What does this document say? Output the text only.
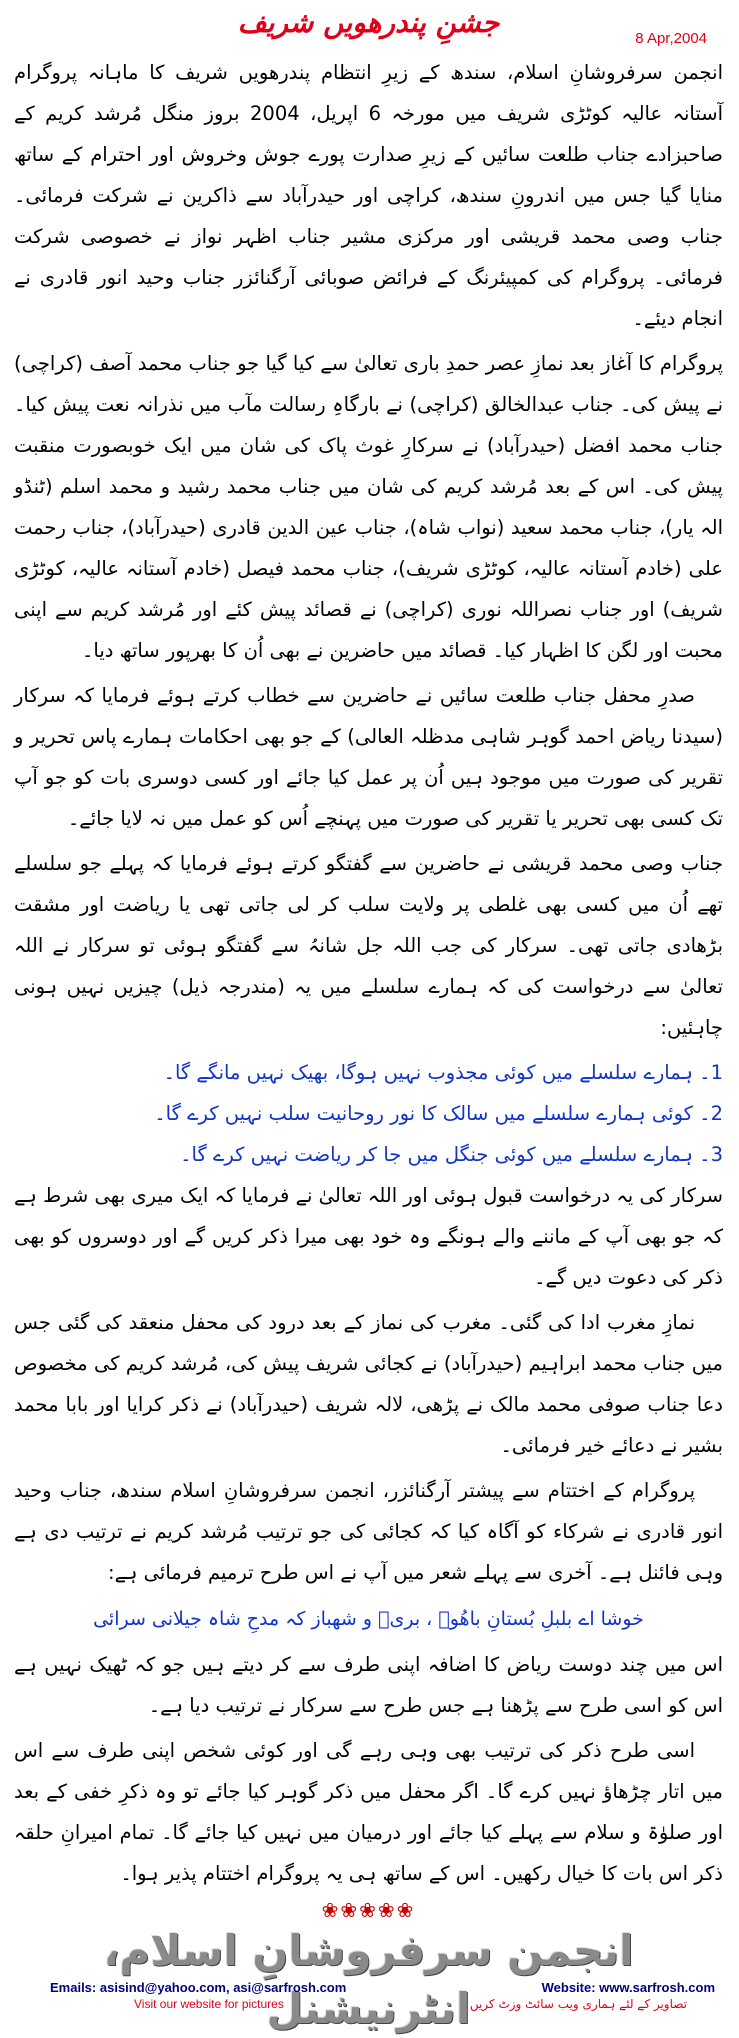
جشنِ پندرھویں شریف	8 Apr,2004

انجمن سرفروشانِ اسلام، سندھ کے زیرِ انتظام پندرھویں شریف کا ماہانہ پروگرام آستانہ عالیہ کوٹڑی شریف میں مورخہ 6 اپریل، 2004 بروز منگل مُرشد کریم کے صاحبزادے جناب طلعت سائیں کے زیرِ صدارت پورے جوش وخروش اور احترام کے ساتھ منایا گیا جس میں اندرونِ سندھ، کراچی اور حیدرآباد سے ذاکرین نے شرکت فرمائی۔ جناب وصی محمد قریشی اور مرکزی مشیر جناب اظہر نواز نے خصوصی شرکت فرمائی۔ پروگرام کی کمپیئرنگ کے فرائض صوبائی آرگنائزر جناب وحید انور قادری نے انجام دیئے۔

پروگرام کا آغاز بعد نمازِ عصر حمدِ باری تعالیٰ سے کیا گیا جو جناب محمد آصف (کراچی) نے پیش کی۔ جناب عبدالخالق (کراچی) نے بارگاہِ رسالت مآب میں نذرانہ نعت پیش کیا۔ جناب محمد افضل (حیدرآباد) نے سرکارِ غوث پاک کی شان میں ایک خوبصورت منقبت پیش کی۔ اس کے بعد مُرشد کریم کی شان میں جناب محمد رشید و محمد اسلم (ٹنڈو الہ یار)، جناب محمد سعید (نواب شاہ)، جناب عین الدین قادری (حیدرآباد)، جناب رحمت علی (خادم آستانہ عالیہ، کوٹڑی شریف)، جناب محمد فیصل (خادم آستانہ عالیہ، کوٹڑی شریف) اور جناب نصراللہ نوری (کراچی) نے قصائد پیش کئے اور مُرشد کریم سے اپنی محبت اور لگن کا اظہار کیا۔ قصائد میں حاضرین نے بھی اُن کا بھرپور ساتھ دیا۔

صدرِ محفل جناب طلعت سائیں نے حاضرین سے خطاب کرتے ہوئے فرمایا کہ سرکار (سیدنا ریاض احمد گوہر شاہی مدظلہ العالی) کے جو بھی احکامات ہمارے پاس تحریر و تقریر کی صورت میں موجود ہیں اُن پر عمل کیا جائے اور کسی دوسری بات کو جو آپ تک کسی بھی تحریر یا تقریر کی صورت میں پہنچے اُس کو عمل میں نہ لایا جائے۔

جناب وصی محمد قریشی نے حاضرین سے گفتگو کرتے ہوئے فرمایا کہ پہلے جو سلسلے تھے اُن میں کسی بھی غلطی پر ولایت سلب کر لی جاتی تھی یا ریاضت اور مشقت بڑھادی جاتی تھی۔ سرکار کی جب اللہ جل شانہُ سے گفتگو ہوئی تو سرکار نے اللہ تعالیٰ سے درخواست کی کہ ہمارے سلسلے میں یہ (مندرجہ ذیل) چیزیں نہیں ہونی چاہئیں:

1۔ ہمارے سلسلے میں کوئی مجذوب نہیں ہوگا، بھیک نہیں مانگے گا۔
2۔ کوئی ہمارے سلسلے میں سالک کا نور روحانیت سلب نہیں کرے گا۔
3۔ ہمارے سلسلے میں کوئی جنگل میں جا کر ریاضت نہیں کرے گا۔

سرکار کی یہ درخواست قبول ہوئی اور اللہ تعالیٰ نے فرمایا کہ ایک میری بھی شرط ہے کہ جو بھی آپ کے ماننے والے ہونگے وہ خود بھی میرا ذکر کریں گے اور دوسروں کو بھی ذکر کی دعوت دیں گے۔

نمازِ مغرب ادا کی گئی۔ مغرب کی نماز کے بعد درود کی محفل منعقد کی گئی جس میں جناب محمد ابراہیم (حیدرآباد) نے کجائی شریف پیش کی، مُرشد کریم کی مخصوص دعا جناب صوفی محمد مالک نے پڑھی، لالہ شریف (حیدرآباد) نے ذکر کرایا اور بابا محمد بشیر نے دعائے خیر فرمائی۔

پروگرام کے اختتام سے پیشتر آرگنائزر، انجمن سرفروشانِ اسلام سندھ، جناب وحید انور قادری نے شرکاء کو آگاہ کیا کہ کجائی کی جو ترتیب مُرشد کریم نے ترتیب دی ہے وہی فائنل ہے۔ آخری سے پہلے شعر میں آپ نے اس طرح ترمیم فرمائی ہے:

خوشا اے بلبلِ بُستانِ باھُوؒ ، بریؒ و شھباز کہ مدحِ شاہ جیلانی سرائی

اس میں چند دوست ریاض کا اضافہ اپنی طرف سے کر دیتے ہیں جو کہ ٹھیک نہیں ہے اس کو اسی طرح سے پڑھنا ہے جس طرح سے سرکار نے ترتیب دیا ہے۔

اسی طرح ذکر کی ترتیب بھی وہی رہے گی اور کوئی شخص اپنی طرف سے اس میں اتار چڑھاؤ نہیں کرے گا۔ اگر محفل میں ذکر گوہر کیا جائے تو وہ ذکرِ خفی کے بعد اور صلوٰۃ و سلام سے پہلے کیا جائے اور درمیان میں نہیں کیا جائے گا۔ تمام امیرانِ حلقہ ذکر اس بات کا خیال رکھیں۔ اس کے ساتھ ہی یہ پروگرام اختتام پذیر ہوا۔

❀❀❀❀❀
انجمن سرفروشانِ اسلام، انٹرنیشنل
Emails: asisind@yahoo.com, asi@sarfrosh.com	Website: www.sarfrosh.com
Visit our website for pictures	تصاویر کے لئے ہماری ویب سائٹ وزٹ کریں
